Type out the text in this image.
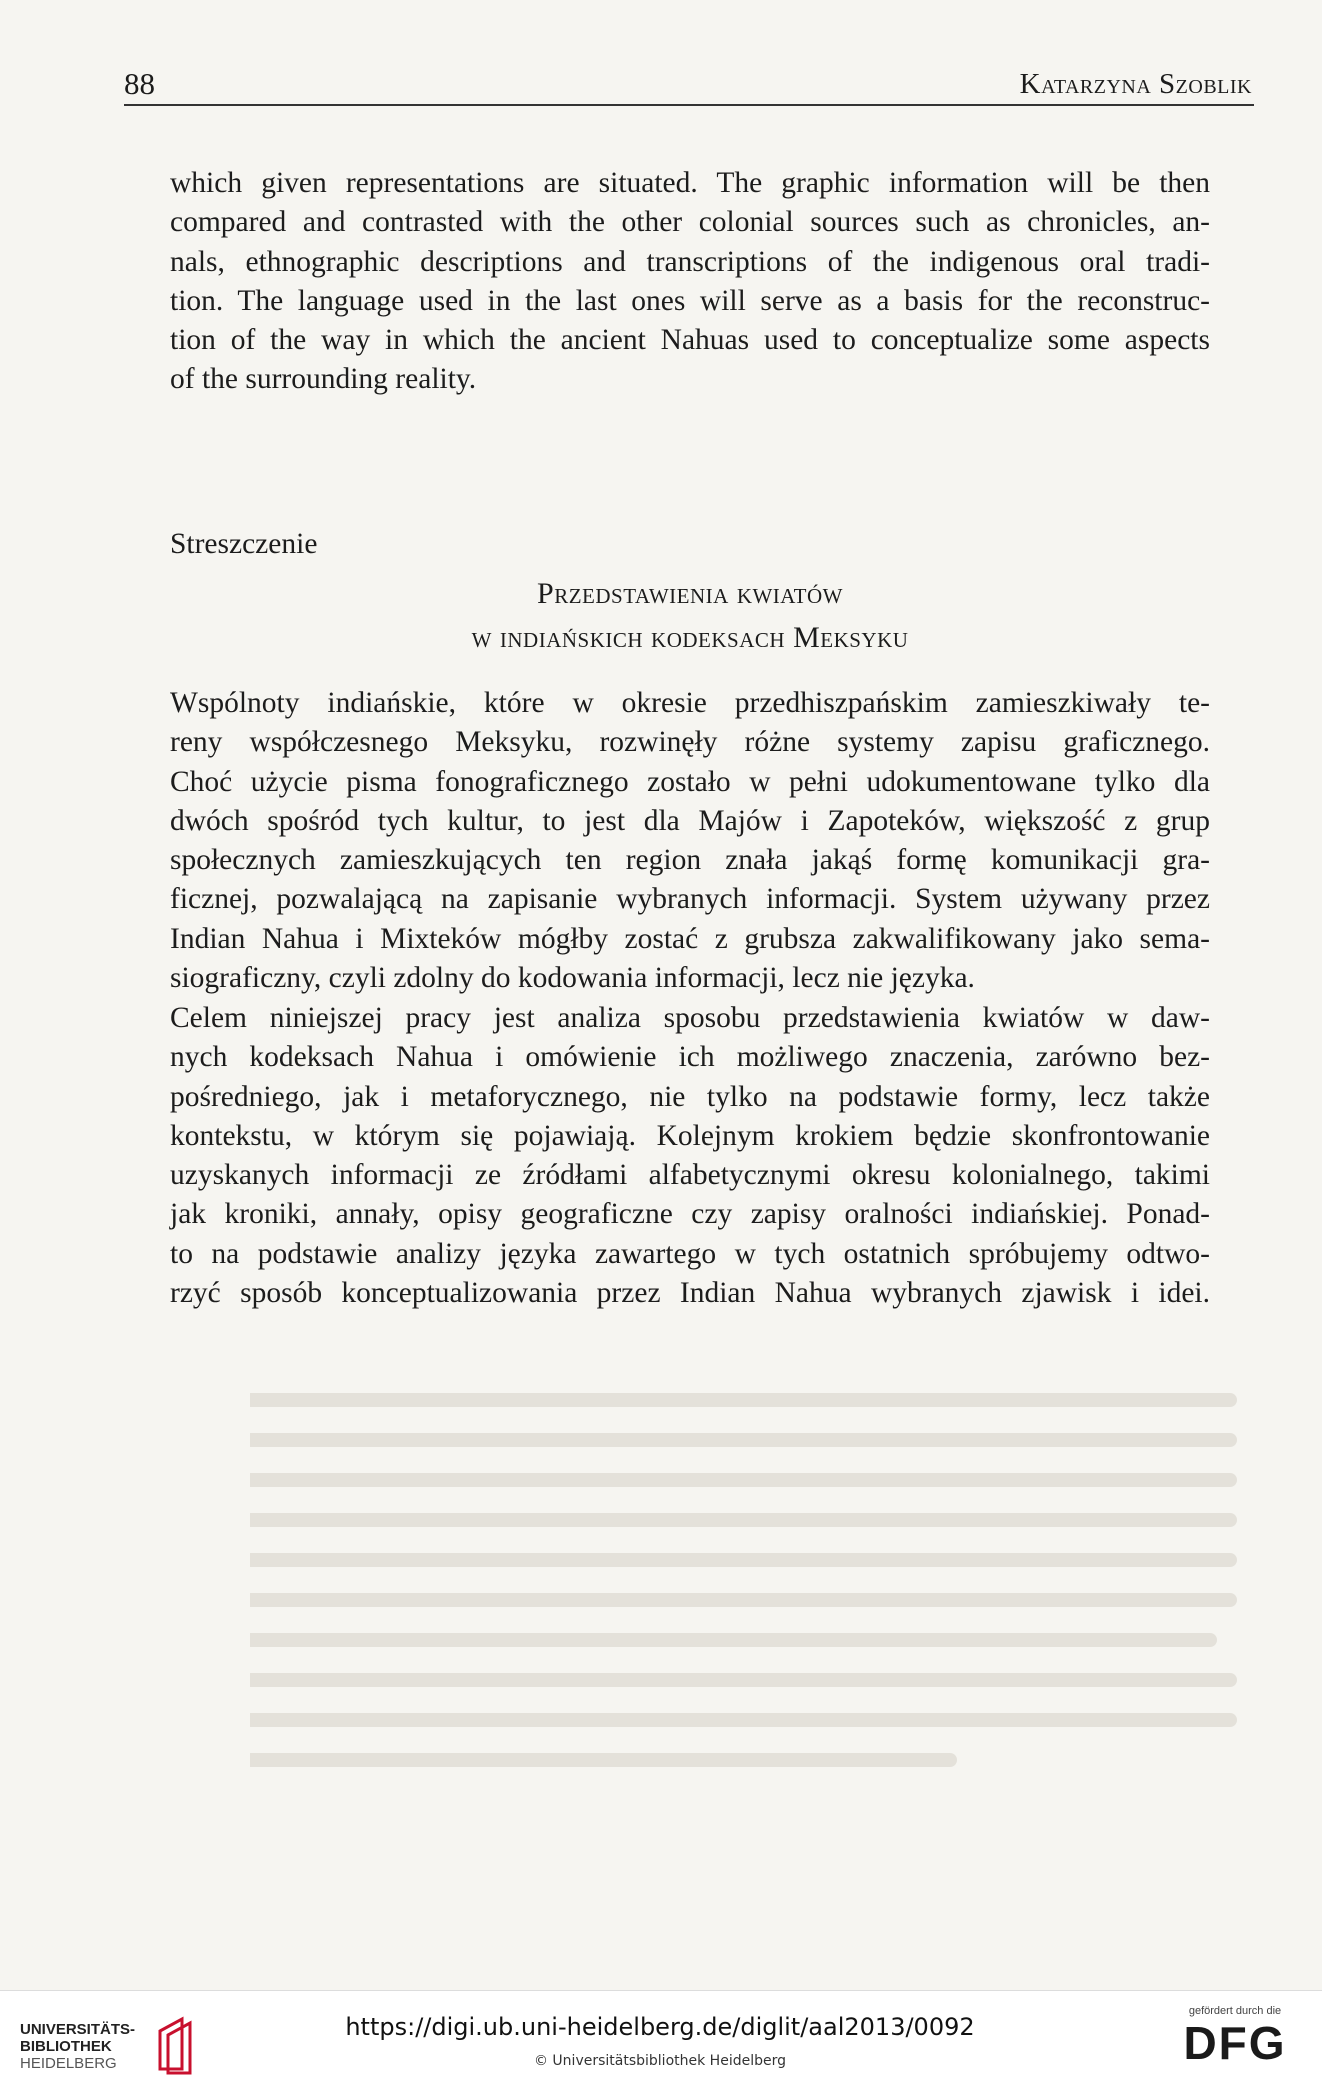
88	Katarzyna Szoblik

which given representations are situated. The graphic information will be then

compared and contrasted with the other colonial sources such as chronicles, an-

nals, ethnographic descriptions and transcriptions of the indigenous oral tradi-

tion. The language used in the last ones will serve as a basis for the reconstruc-

tion of the way in which the ancient Nahuas used to conceptualize some aspects

of the surrounding reality.

Streszczenie
Przedstawienia kwiatów
w indiańskich kodeksach Meksyku

Wspólnoty indiańskie, które w okresie przedhiszpańskim zamieszkiwały te-

reny współczesnego Meksyku, rozwinęły różne systemy zapisu graficznego.

Choć użycie pisma fonograficznego zostało w pełni udokumentowane tylko dla

dwóch spośród tych kultur, to jest dla Majów i Zapoteków, większość z grup

społecznych zamieszkujących ten region znała jakąś formę komunikacji gra-

ficznej, pozwalającą na zapisanie wybranych informacji. System używany przez

Indian Nahua i Mixteków mógłby zostać z grubsza zakwalifikowany jako sema-

siograficzny, czyli zdolny do kodowania informacji, lecz nie języka.

Celem niniejszej pracy jest analiza sposobu przedstawienia kwiatów w daw-

nych kodeksach Nahua i omówienie ich możliwego znaczenia, zarówno bez-

pośredniego, jak i metaforycznego, nie tylko na podstawie formy, lecz także

kontekstu, w którym się pojawiają. Kolejnym krokiem będzie skonfrontowanie

uzyskanych informacji ze źródłami alfabetycznymi okresu kolonialnego, takimi

jak kroniki, annały, opisy geograficzne czy zapisy oralności indiańskiej. Ponad-

to na podstawie analizy języka zawartego w tych ostatnich spróbujemy odtwo-

rzyć sposób konceptualizowania przez Indian Nahua wybranych zjawisk i idei.

UNIVERSITÄTS-
BIBLIOTHEK
HEIDELBERG
https://digi.ub.uni-heidelberg.de/diglit/aal2013/0092
© Universitätsbibliothek Heidelberg
gefördert durch die
DFG
